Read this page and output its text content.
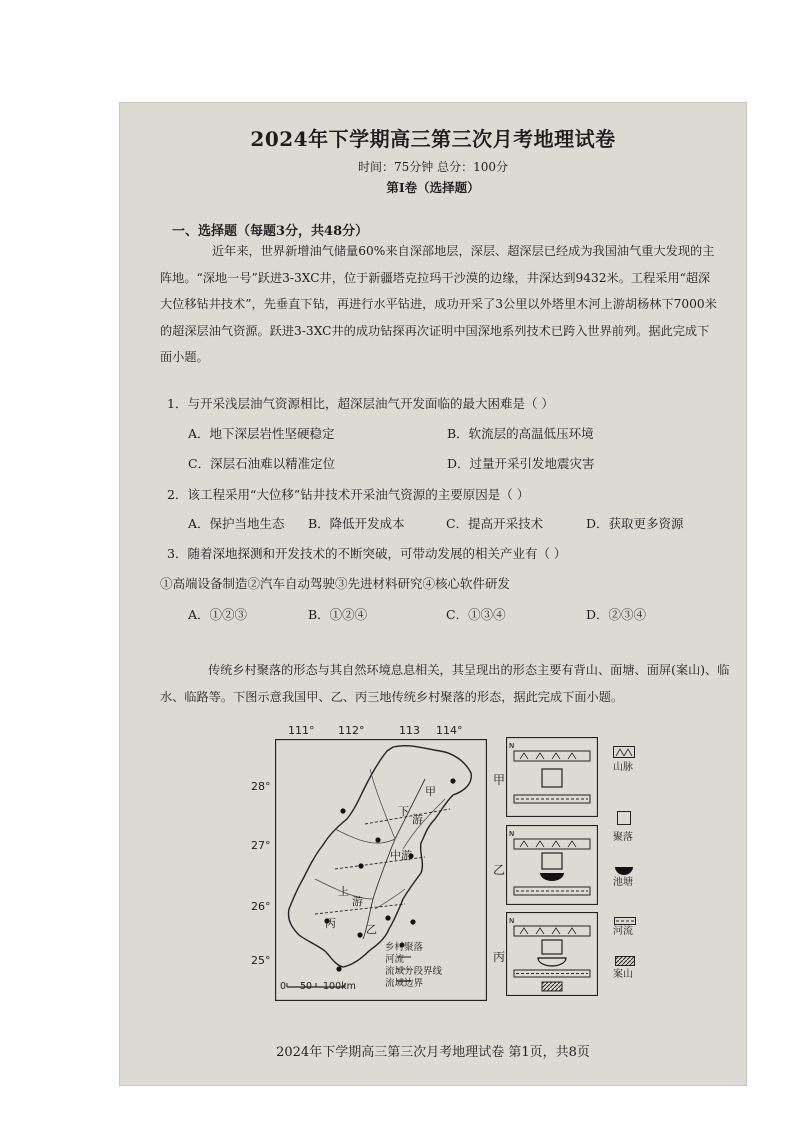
2024年下学期高三第三次月考地理试卷
时间：75分钟 总分：100分
第Ⅰ卷（选择题）
一、选择题（每题3分，共48分）
近年来，世界新增油气储量60%来自深部地层，深层、超深层已经成为我国油气重大发现的主阵地。“深地一号”跃进3-3XC井，位于新疆塔克拉玛干沙漠的边缘，井深达到9432米。工程采用“超深大位移钻井技术”，先垂直下钻，再进行水平钻进，成功开采了3公里以外塔里木河上游胡杨林下7000米的超深层油气资源。跃进3-3XC井的成功钻探再次证明中国深地系列技术已跨入世界前列。据此完成下面小题。
1．与开采浅层油气资源相比，超深层油气开发面临的最大困难是（ ）
A．地下深层岩性坚硬稳定	B．软流层的高温低压环境
C．深层石油难以精准定位	D．过量开采引发地震灾害
2．该工程采用“大位移”钻井技术开采油气资源的主要原因是（ ）
A．保护当地生态 B．降低开发成本	C．提高开采技术	D．获取更多资源
3．随着深地探测和开发技术的不断突破，可带动发展的相关产业有（ ）
①高端设备制造②汽车自动驾驶③先进材料研究④核心软件研发
A．①②③	B．①②④	C．①③④	D．②③④
传统乡村聚落的形态与其自然环境息息相关，其呈现出的形态主要有背山、面塘、面屏(案山)、临水、临路等。下图示意我国甲、乙、丙三地传统乡村聚落的形态，据此完成下面小题。
111° 112°	113 114°
28°
27°
26°
25°
甲
下
游
中游
上
游
乙
丙
乡村聚落
河流
流域分段界线
流域边界
0 50 100km
甲
乙
丙
N
N
N
山脉
聚落
池塘
河流
案山
2024年下学期高三第三次月考地理试卷 第1页，共8页
